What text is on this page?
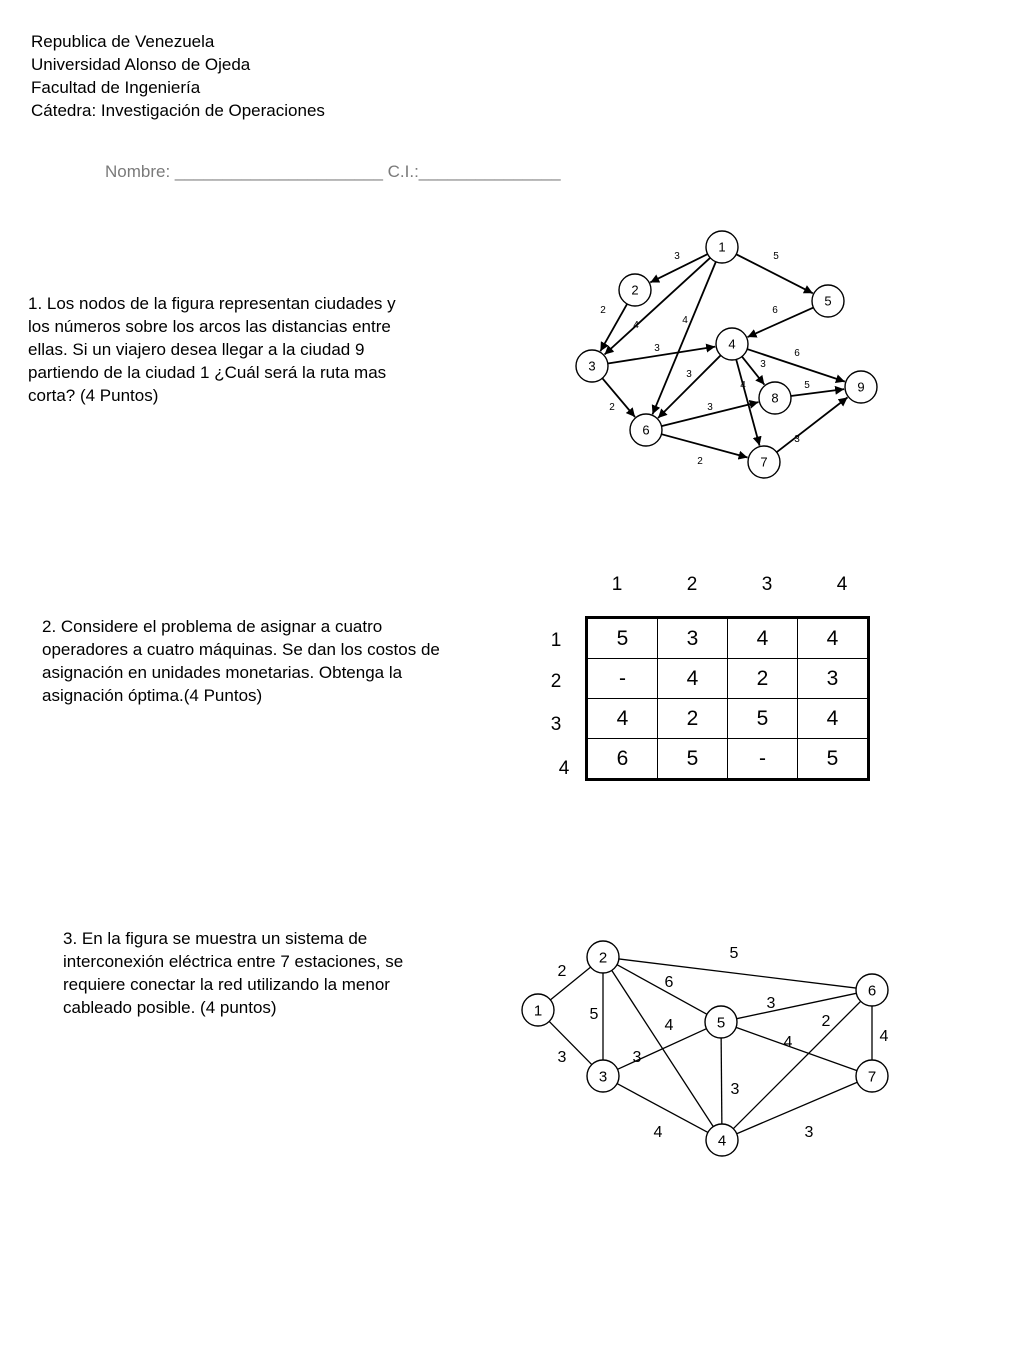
Republica de Venezuela
Universidad Alonso de Ojeda
Facultad de Ingeniería
Cátedra: Investigación de Operaciones
Nombre: ______________________ C.I.:_______________
1. Los nodos de la figura representan ciudades y los números sobre los arcos las distancias entre ellas. Si un viajero desea llegar a la ciudad 9 partiendo de la ciudad 1 ¿Cuál será la ruta mas corta? (4 Puntos)
3	5
4	4
2	6
3
2
6
3
3
4	5
3
2
3
1
2
3
4
5
6
7
8
9
2. Considere el problema de asignar a cuatro operadores a cuatro máquinas. Se dan los costos de asignación en unidades monetarias. Obtenga la asignación óptima.(4 Puntos)
1	2	3	4
1
2
3
4
5	3	4	4
-	4	2	3
4	2	5	4
6	5	-	5
3. En la figura se muestra un sistema de interconexión eléctrica entre 7 estaciones, se requiere conectar la red utilizando la menor cableado posible. (4 puntos)
2
3
5
5
6
4
3
4
3
4
2
3
4
3
1
2
3
4
5
6
7
